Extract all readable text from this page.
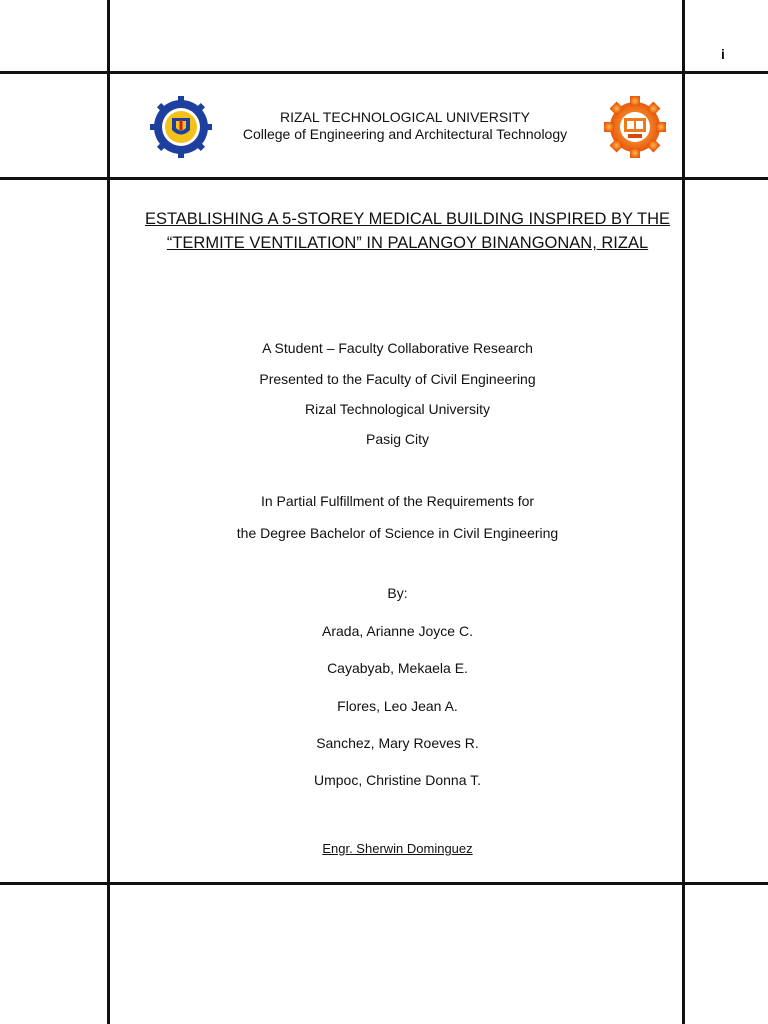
i
RIZAL TECHNOLOGICAL UNIVERSITY
College of Engineering and Architectural Technology
ESTABLISHING A 5-STOREY MEDICAL BUILDING INSPIRED BY THE “TERMITE VENTILATION” IN PALANGOY BINANGONAN, RIZAL
A Student – Faculty Collaborative Research
Presented to the Faculty of Civil Engineering
Rizal Technological University
Pasig City
In Partial Fulfillment of the Requirements for
the Degree Bachelor of Science in Civil Engineering
By:
Arada, Arianne Joyce C.
Cayabyab, Mekaela E.
Flores, Leo Jean A.
Sanchez, Mary Roeves R.
Umpoc, Christine Donna T.
Engr. Sherwin Dominguez
